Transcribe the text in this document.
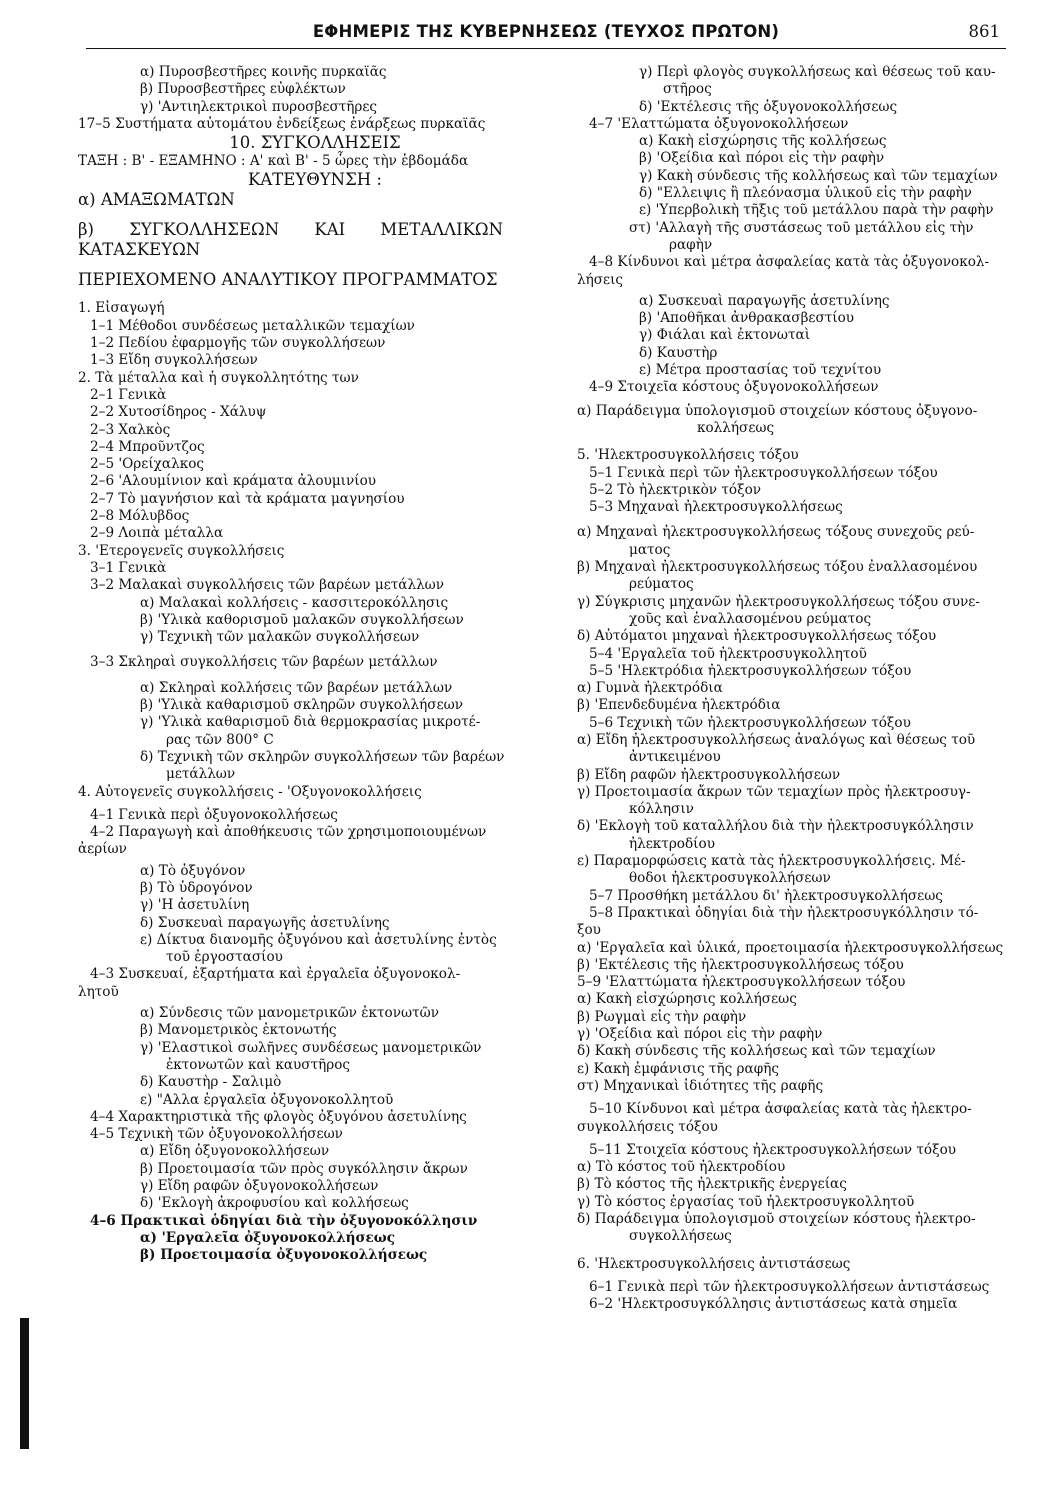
ΕΦΗΜΕΡΙΣ ΤΗΣ ΚΥΒΕΡΝΗΣΕΩΣ (ΤΕΥΧΟΣ ΠΡΩΤΟΝ)	861
α) Πυροσβεστῆρες κοινῆς πυρκαϊᾶς
β) Πυροσβεστῆρες εὐφλέκτων
γ) 'Αντιηλεκτρικοὶ πυροσβεστῆρες
17–5 Συστήματα αὐτομάτου ἐνδείξεως ἐνάρξεως πυρκαϊᾶς
10. ΣΥΓΚΟΛΛΗΣΕΙΣ
ΤΑΞΗ : Β' - ΕΞΑΜΗΝΟ : Α' καὶ Β' - 5 ὧρες τὴν ἑβδομάδα
ΚΑΤΕΥΘΥΝΣΗ :
α) ΑΜΑΞΩΜΑΤΩΝ
β) ΣΥΓΚΟΛΛΗΣΕΩΝ ΚΑΙ ΜΕΤΑΛΛΙΚΩΝ
ΚΑΤΑΣΚΕΥΩΝ
ΠΕΡΙΕΧΟΜΕΝΟ ΑΝΑΛΥΤΙΚΟΥ ΠΡΟΓΡΑΜΜΑΤΟΣ
1. Εἰσαγωγή
1–1 Μέθοδοι συνδέσεως μεταλλικῶν τεμαχίων
1–2 Πεδίου ἐφαρμογῆς τῶν συγκολλήσεων
1–3 Εἴδη συγκολλήσεων
2. Τὰ μέταλλα καὶ ἡ συγκολλητότης των
2–1 Γενικὰ
2–2 Χυτοσίδηρος - Χάλυψ
2–3 Χαλκὸς
2–4 Μπροῦντζος
2–5 'Ορείχαλκος
2–6 'Αλουμίνιον καὶ κράματα ἀλουμινίου
2–7 Τὸ μαγνήσιον καὶ τὰ κράματα μαγνησίου
2–8 Μόλυβδος
2–9 Λοιπὰ μέταλλα
3. 'Ετερογενεῖς συγκολλήσεις
3–1 Γενικὰ
3–2 Μαλακαὶ συγκολλήσεις τῶν βαρέων μετάλλων
α) Μαλακαὶ κολλήσεις - κασσιτεροκόλλησις
β) 'Υλικὰ καθορισμοῦ μαλακῶν συγκολλήσεων
γ) Τεχνικὴ τῶν μαλακῶν συγκολλήσεων
3–3 Σκληραὶ συγκολλήσεις τῶν βαρέων μετάλλων
α) Σκληραὶ κολλήσεις τῶν βαρέων μετάλλων
β) 'Υλικὰ καθαρισμοῦ σκληρῶν συγκολλήσεων
γ) 'Υλικὰ καθαρισμοῦ διὰ θερμοκρασίας μικροτέ-
ρας τῶν 800° C
δ) Τεχνικὴ τῶν σκληρῶν συγκολλήσεων τῶν βαρέων
μετάλλων
4. Αὐτογενεῖς συγκολλήσεις - 'Οξυγονοκολλήσεις
4–1 Γενικὰ περὶ ὀξυγονοκολλήσεως
4–2 Παραγωγὴ καὶ ἀποθήκευσις τῶν χρησιμοποιουμένων
ἀερίων
α) Τὸ ὀξυγόνον
β) Τὸ ὑδρογόνον
γ) 'Η ἀσετυλίνη
δ) Συσκευαὶ παραγωγῆς ἀσετυλίνης
ε) Δίκτυα διανομῆς ὀξυγόνου καὶ ἀσετυλίνης ἐντὸς
τοῦ ἐργοστασίου
4–3 Συσκευαί, ἐξαρτήματα καὶ ἐργαλεῖα ὀξυγονοκολ-
λητοῦ
α) Σύνδεσις τῶν μανομετρικῶν ἐκτονωτῶν
β) Μανομετρικὸς ἐκτονωτής
γ) 'Ελαστικοὶ σωλῆνες συνδέσεως μανομετρικῶν
ἐκτονωτῶν καὶ καυστῆρος
δ) Καυστὴρ - Σαλιμὸ
ε) "Αλλα ἐργαλεῖα ὀξυγονοκολλητοῦ
4–4 Χαρακτηριστικὰ τῆς φλογὸς ὀξυγόνου ἀσετυλίνης
4–5 Τεχνικὴ τῶν ὀξυγονοκολλήσεων
α) Εἴδη ὀξυγονοκολλήσεων
β) Προετοιμασία τῶν πρὸς συγκόλλησιν ἄκρων
γ) Εἴδη ραφῶν ὀξυγονοκολλήσεων
δ) 'Εκλογὴ ἀκροφυσίου καὶ κολλήσεως
4–6 Πρακτικαὶ ὁδηγίαι διὰ τὴν ὀξυγονοκόλλησιν
α) 'Εργαλεῖα ὀξυγονοκολλήσεως
β) Προετοιμασία ὀξυγονοκολλήσεως
γ) Περὶ φλογὸς συγκολλήσεως καὶ θέσεως τοῦ καυ-
στῆρος
δ) 'Εκτέλεσις τῆς ὀξυγονοκολλήσεως
4–7 'Ελαττώματα ὀξυγονοκολλήσεων
α) Κακὴ εἰσχώρησις τῆς κολλήσεως
β) 'Οξείδια καὶ πόροι εἰς τὴν ραφὴν
γ) Κακὴ σύνδεσις τῆς κολλήσεως καὶ τῶν τεμαχίων
δ) "Ελλειψις ἢ πλεόνασμα ὑλικοῦ εἰς τὴν ραφὴν
ε) 'Υπερβολικὴ τῆξις τοῦ μετάλλου παρὰ τὴν ραφὴν
στ) 'Αλλαγὴ τῆς συστάσεως τοῦ μετάλλου εἰς τὴν
ραφὴν
4–8 Κίνδυνοι καὶ μέτρα ἀσφαλείας κατὰ τὰς ὀξυγονοκολ-
λήσεις
α) Συσκευαὶ παραγωγῆς ἀσετυλίνης
β) 'Αποθῆκαι ἀνθρακασβεστίου
γ) Φιάλαι καὶ ἐκτονωταὶ
δ) Καυστὴρ
ε) Μέτρα προστασίας τοῦ τεχνίτου
4–9 Στοιχεῖα κόστους ὀξυγονοκολλήσεων
α) Παράδειγμα ὑπολογισμοῦ στοιχείων κόστους ὀξυγονο-
κολλήσεως
5. 'Ηλεκτροσυγκολλήσεις τόξου
5–1 Γενικὰ περὶ τῶν ἠλεκτροσυγκολλήσεων τόξου
5–2 Τὸ ἠλεκτρικὸν τόξον
5–3 Μηχαναὶ ἠλεκτροσυγκολλήσεως
α) Μηχαναὶ ἠλεκτροσυγκολλήσεως τόξους συνεχοῦς ρεύ-
ματος
β) Μηχαναὶ ἠλεκτροσυγκολλήσεως τόξου ἐναλλασομένου
ρεύματος
γ) Σύγκρισις μηχανῶν ἠλεκτροσυγκολλήσεως τόξου συνε-
χοῦς καὶ ἐναλλασομένου ρεύματος
δ) Αὐτόματοι μηχαναὶ ἠλεκτροσυγκολλήσεως τόξου
5–4 'Εργαλεῖα τοῦ ἠλεκτροσυγκολλητοῦ
5–5 'Ηλεκτρόδια ἠλεκτροσυγκολλήσεων τόξου
α) Γυμνὰ ἠλεκτρόδια
β) 'Επενδεδυμένα ἠλεκτρόδια
5–6 Τεχνικὴ τῶν ἠλεκτροσυγκολλήσεων τόξου
α) Εἴδη ἠλεκτροσυγκολλήσεως ἀναλόγως καὶ θέσεως τοῦ
ἀντικειμένου
β) Εἴδη ραφῶν ἠλεκτροσυγκολλήσεων
γ) Προετοιμασία ἄκρων τῶν τεμαχίων πρὸς ἠλεκτροσυγ-
κόλλησιν
δ) 'Εκλογὴ τοῦ καταλλήλου διὰ τὴν ἠλεκτροσυγκόλλησιν
ἠλεκτροδίου
ε) Παραμορφώσεις κατὰ τὰς ἠλεκτροσυγκολλήσεις. Μέ-
θοδοι ἠλεκτροσυγκολλήσεων
5–7 Προσθήκη μετάλλου δι' ἠλεκτροσυγκολλήσεως
5–8 Πρακτικαὶ ὁδηγίαι διὰ τὴν ἠλεκτροσυγκόλλησιν τό-
ξου
α) 'Εργαλεῖα καὶ ὑλικά, προετοιμασία ἠλεκτροσυγκολλήσεως
β) 'Εκτέλεσις τῆς ἠλεκτροσυγκολλήσεως τόξου
5–9 'Ελαττώματα ἠλεκτροσυγκολλήσεων τόξου
α) Κακὴ εἰσχώρησις κολλήσεως
β) Ρωγμαὶ εἰς τὴν ραφὴν
γ) 'Οξείδια καὶ πόροι εἰς τὴν ραφὴν
δ) Κακὴ σύνδεσις τῆς κολλήσεως καὶ τῶν τεμαχίων
ε) Κακὴ ἐμφάνισις τῆς ραφῆς
στ) Μηχανικαὶ ἰδιότητες τῆς ραφῆς
5–10 Κίνδυνοι καὶ μέτρα ἀσφαλείας κατὰ τὰς ἠλεκτρο-
συγκολλήσεις τόξου
5–11 Στοιχεῖα κόστους ἠλεκτροσυγκολλήσεων τόξου
α) Τὸ κόστος τοῦ ἠλεκτροδίου
β) Τὸ κόστος τῆς ἠλεκτρικῆς ἐνεργείας
γ) Τὸ κόστος ἐργασίας τοῦ ἠλεκτροσυγκολλητοῦ
δ) Παράδειγμα ὑπολογισμοῦ στοιχείων κόστους ἠλεκτρο-
συγκολλήσεως
6. 'Ηλεκτροσυγκολλήσεις ἀντιστάσεως
6–1 Γενικὰ περὶ τῶν ἠλεκτροσυγκολλήσεων ἀντιστάσεως
6–2 'Ηλεκτροσυγκόλλησις ἀντιστάσεως κατὰ σημεῖα
